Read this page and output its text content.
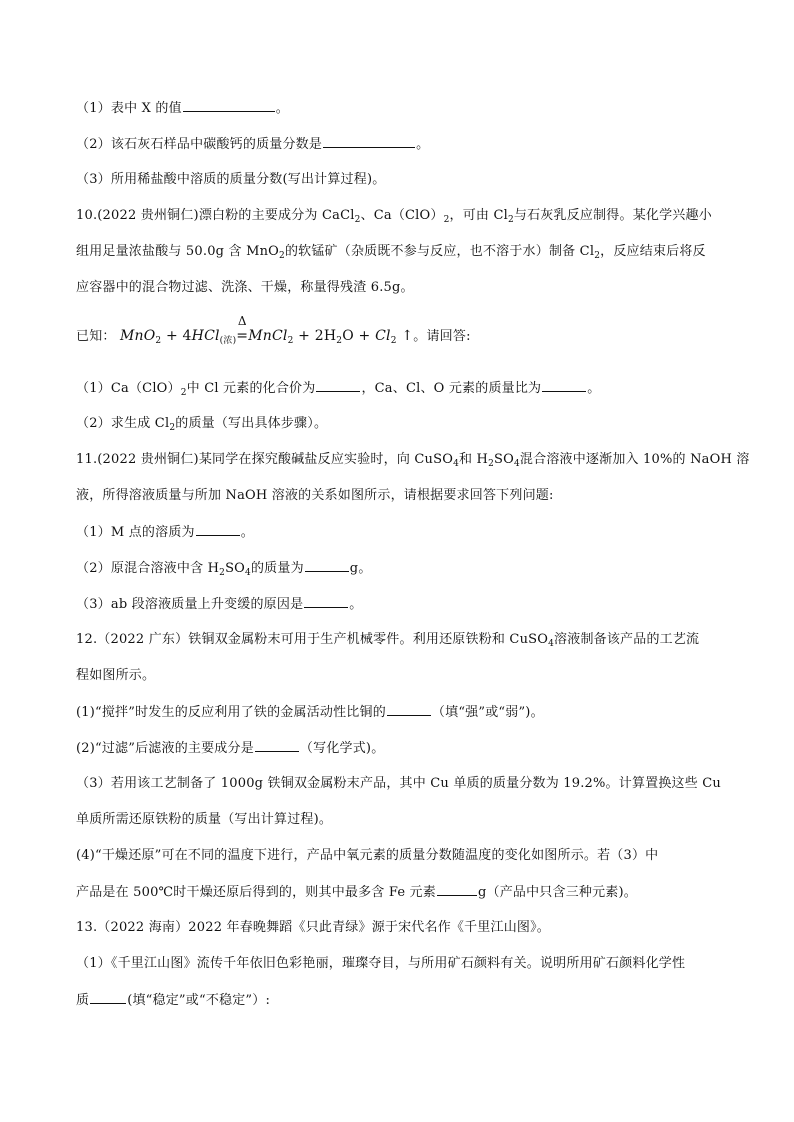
（1）表中 X 的值	。
（2）该石灰石样品中碳酸钙的质量分数是	。
（3）所用稀盐酸中溶质的质量分数(写出计算过程)。
10.(2022 贵州铜仁)漂白粉的主要成分为 CaCl$_2$、$Ca(ClO)_2$，可由 $Cl_2$与石灰乳反应制得。某化学兴趣小
组用足量浓盐酸与 50.0g 含 MnO$_2$的软锰矿（杂质既不参与反应，也不溶于水）制备 $Cl_2$，反应结束后将反
应容器中的混合物过滤、洗涤、干燥，称量得残渣 6.5g。
已知： MnO$_2$ + 4HCl$_{(浓)}$
Δ
=MnCl$_2$ + $2H_2O + Cl_2$ ↑。请回答:
$(1)Ca(ClO)_2$中 Cl 元素的化合价为	，Ca、Cl、O 元素的质量比为	。
（2）求生成 $Cl_2$的质量（写出具体步骤）。
11.(2022 贵州铜仁)某同学在探究酸碱盐反应实验时，向 CuSO$_4$和 $H_2SO_4$混合溶液中逐渐加入 10%的 NaOH 溶
液，所得溶液质量与所加 NaOH 溶液的关系如图所示，请根据要求回答下列问题:
（1）M 点的溶质为	。
（2）原混合溶液中含 $H_2SO_4$的质量为	g。
（3）ab 段溶液质量上升变缓的原因是	。
12.（2022 广东）铁铜双金属粉末可用于生产机械零件。利用还原铁粉和 CuSO$_4$溶液制备该产品的工艺流
程如图所示。
(1)“搅拌”时发生的反应利用了铁的金属活动性比铜的	（填“强”或“弱”)。
(2)“过滤”后滤液的主要成分是	（写化学式)。
（3）若用该工艺制备了 1000g 铁铜双金属粉末产品，其中 Cu 单质的质量分数为 19.2%。计算置换这些 Cu
单质所需还原铁粉的质量（写出计算过程)。
(4)“干燥还原”可在不同的温度下进行，产品中氧元素的质量分数随温度的变化如图所示。若（3）中
产品是在 500℃时干燥还原后得到的，则其中最多含 Fe 元素	g（产品中只含三种元素)。
13.（2022 海南）2022 年春晚舞蹈《只此青绿》源于宋代名作《千里江山图》。
（1）《千里江山图》流传千年依旧色彩艳丽，璀璨夺目，与所用矿石颜料有关。说明所用矿石颜料化学性
质	(填“稳定”或“不稳定”）:
